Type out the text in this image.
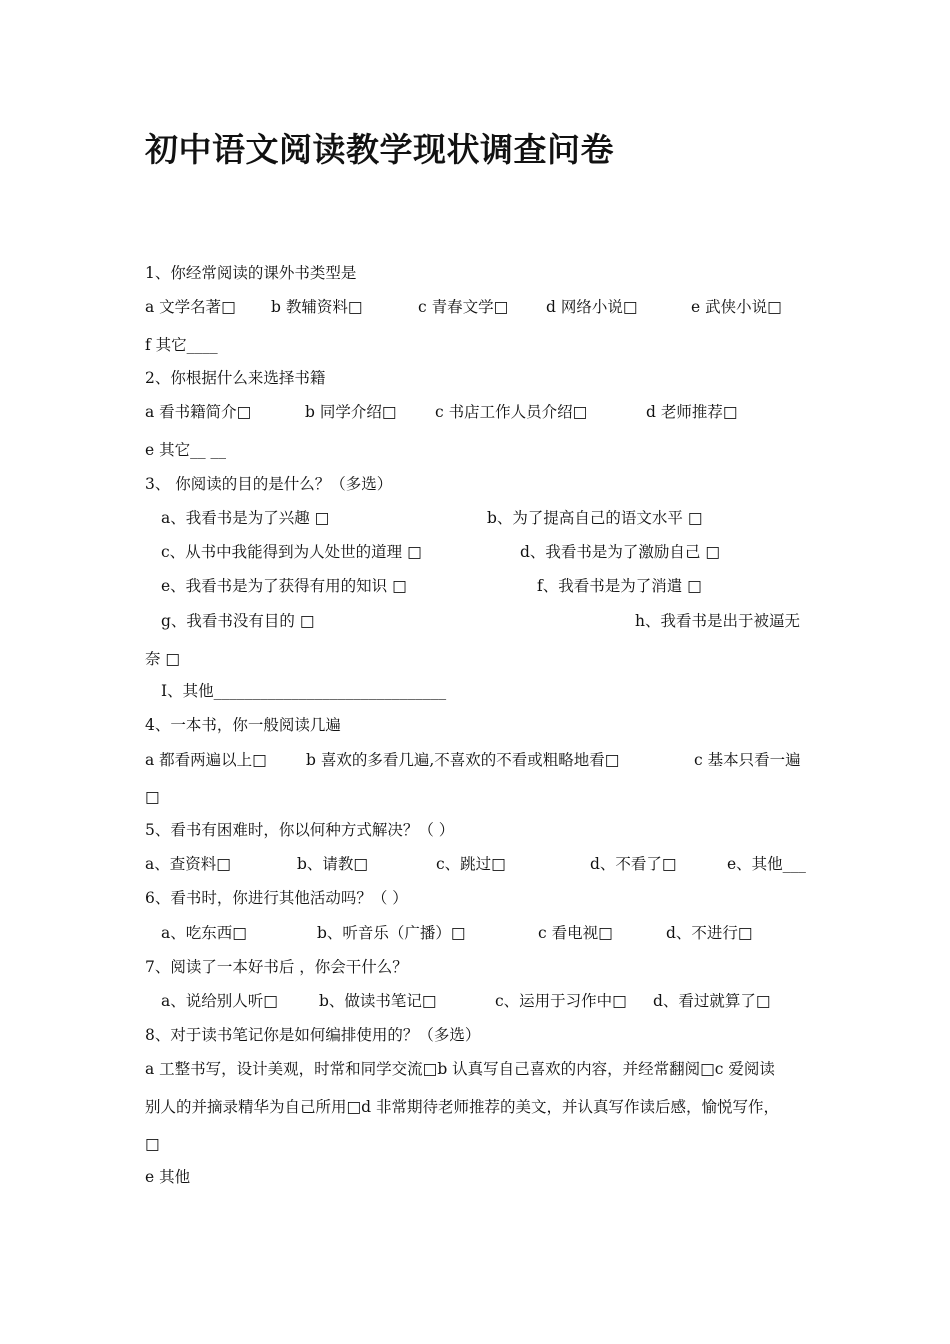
初中语文阅读教学现状调查问卷
1、你经常阅读的课外书类型是
a 文学名著□ b 教辅资料□	c 青春文学□ d 网络小说□	e 武侠小说□
f 其它____
2、你根据什么来选择书籍
a 看书籍简介□	b 同学介绍□ c 书店工作人员介绍□	d 老师推荐□
e 其它__ __
3、 你阅读的目的是什么？（多选）
a、我看书是为了兴趣 □	b、为了提高自己的语文水平 □
c、从书中我能得到为人处世的道理 □	d、我看书是为了激励自己 □
e、我看书是为了获得有用的知识 □	f、我看书是为了消遣 □
g、我看书没有目的 □	h、我看书是出于被逼无
奈 □
I、其他______________________________
4、一本书，你一般阅读几遍
a 都看两遍以上□	b 喜欢的多看几遍,不喜欢的不看或粗略地看□	c 基本只看一遍
□
5、看书有困难时，你以何种方式解决？（ ）
a、查资料□	b、请教□	c、跳过□	d、不看了□	e、其他___
6、看书时，你进行其他活动吗？（ ）
a、吃东西□	b、听音乐（广播）□	c 看电视□	d、不进行□
7、阅读了一本好书后 ，你会干什么？
a、说给别人听□	b、做读书笔记□	c、运用于习作中□ d、看过就算了□
8、对于读书笔记你是如何编排使用的？（多选）
a 工整书写，设计美观，时常和同学交流□b 认真写自己喜欢的内容，并经常翻阅□c 爱阅读
别人的并摘录精华为自己所用□d 非常期待老师推荐的美文，并认真写作读后感，愉悦写作，
□
e 其他
